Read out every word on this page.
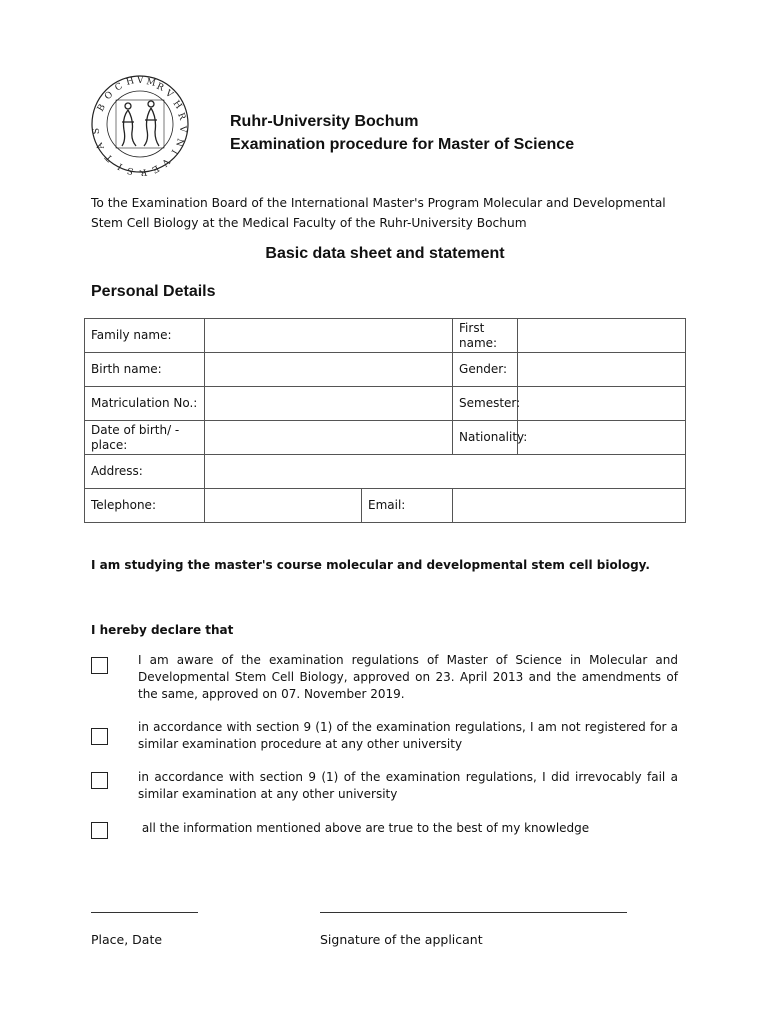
B
O
C H V M
R
V
H
R
V
N
I
V
E
R
S
I
T
A
S
Ruhr-University Bochum
Examination procedure for Master of Science
To the Examination Board of the International Master's Program Molecular and Developmental
Stem Cell Biology at the Medical Faculty of the Ruhr-University Bochum
Basic data sheet and statement
Personal Details
Family name:			First name:	
Birth name:			Gender:	
Matriculation No.:			Semester:	
Date of birth/ -place:			Nationality:	
Address:				
Telephone:		Email:		
I am studying the master's course molecular and developmental stem cell biology.
I hereby declare that
I am aware of the examination regulations of Master of Science in Molecular and Developmental Stem Cell Biology, approved on 23. April 2013 and the amendments of the same, approved on 07. November 2019.
in accordance with section 9 (1) of the examination regulations, I am not registered for a similar examination procedure at any other university
in accordance with section 9 (1) of the examination regulations, I did irrevocably fail a similar examination at any other university
all the information mentioned above are true to the best of my knowledge
Place, Date	Signature of the applicant
